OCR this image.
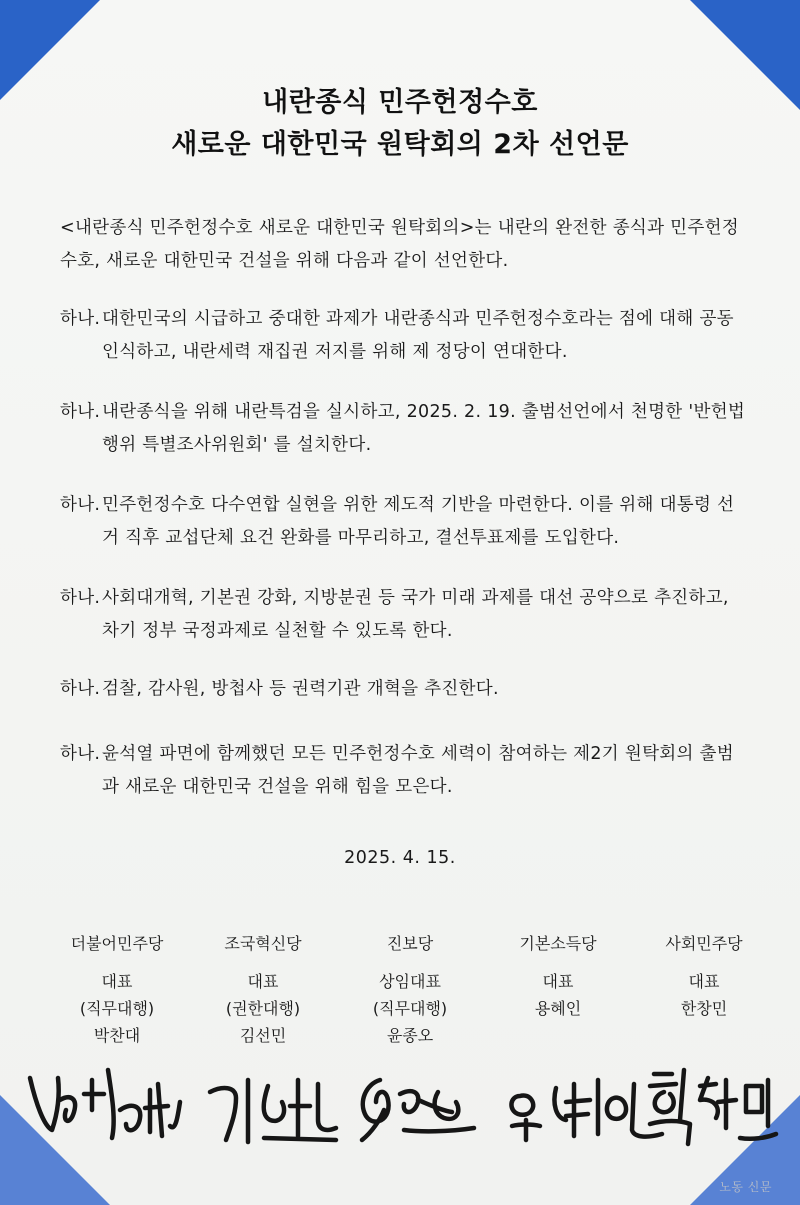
내란종식 민주헌정수호
새로운 대한민국 원탁회의 2차 선언문
<내란종식 민주헌정수호 새로운 대한민국 원탁회의>는 내란의 완전한 종식과 민주헌정수호, 새로운 대한민국 건설을 위해 다음과 같이 선언한다.
하나. 대한민국의 시급하고 중대한 과제가 내란종식과 민주헌정수호라는 점에 대해 공동 인식하고, 내란세력 재집권 저지를 위해 제 정당이 연대한다.
하나. 내란종식을 위해 내란특검을 실시하고, 2025. 2. 19. 출범선언에서 천명한 '반헌법행위 특별조사위원회' 를 설치한다.
하나. 민주헌정수호 다수연합 실현을 위한 제도적 기반을 마련한다. 이를 위해 대통령 선거 직후 교섭단체 요건 완화를 마무리하고, 결선투표제를 도입한다.
하나. 사회대개혁, 기본권 강화, 지방분권 등 국가 미래 과제를 대선 공약으로 추진하고, 차기 정부 국정과제로 실천할 수 있도록 한다.
하나. 검찰, 감사원, 방첩사 등 권력기관 개혁을 추진한다.
하나. 윤석열 파면에 함께했던 모든 민주헌정수호 세력이 참여하는 제2기 원탁회의 출범과 새로운 대한민국 건설을 위해 힘을 모은다.
2025. 4. 15.
더불어민주당
대표
(직무대행)
박찬대
조국혁신당
대표
(권한대행)
김선민
진보당
상임대표
(직무대행)
윤종오
기본소득당
대표
용혜인
사회민주당
대표
한창민
노동 신문
